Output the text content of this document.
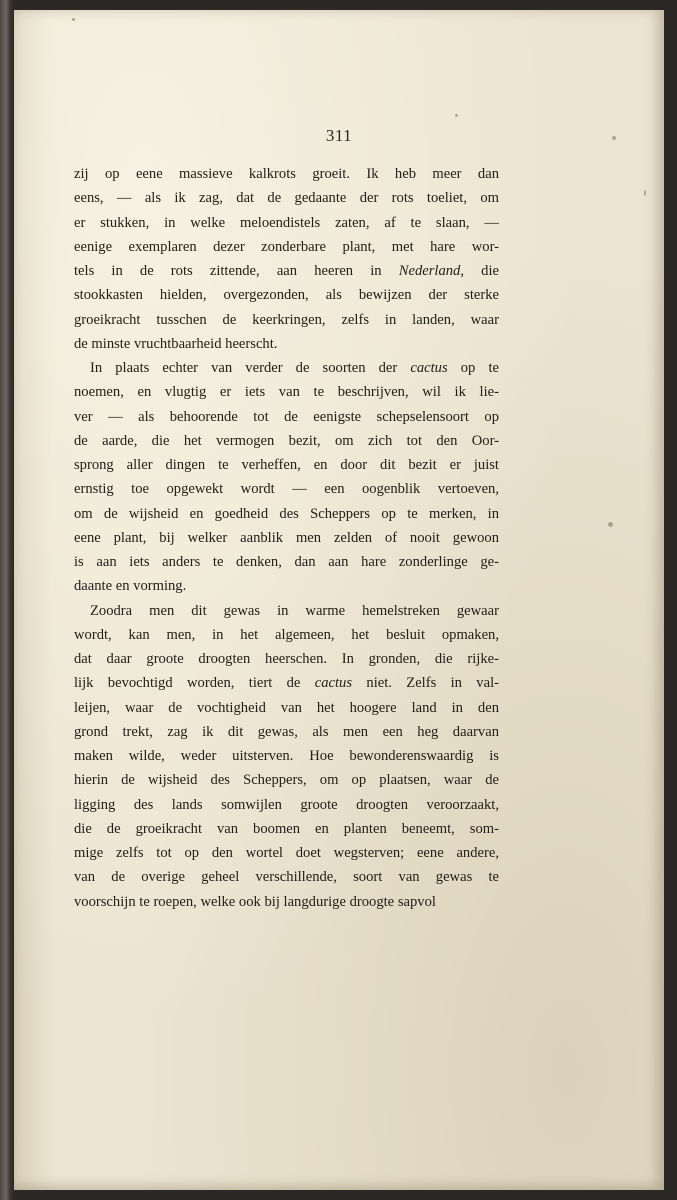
311
zij op eene massieve kalkrots groeit. Ik heb meer dan
eens, — als ik zag, dat de gedaante der rots toeliet, om
er stukken, in welke meloendistels zaten, af te slaan, —
eenige exemplaren dezer zonderbare plant, met hare wor-
tels in de rots zittende, aan heeren in Nederland, die
stookkasten hielden, overgezonden, als bewijzen der sterke
groeikracht tusschen de keerkringen, zelfs in landen, waar
de minste vruchtbaarheid heerscht.
In plaats echter van verder de soorten der cactus op te
noemen, en vlugtig er iets van te beschrijven, wil ik lie-
ver — als behoorende tot de eenigste schepselensoort op
de aarde, die het vermogen bezit, om zich tot den Oor-
sprong aller dingen te verheffen, en door dit bezit er juist
ernstig toe opgewekt wordt — een oogenblik vertoeven,
om de wijsheid en goedheid des Scheppers op te merken, in
eene plant, bij welker aanblik men zelden of nooit gewoon
is aan iets anders te denken, dan aan hare zonderlinge ge-
daante en vorming.
Zoodra men dit gewas in warme hemelstreken gewaar
wordt, kan men, in het algemeen, het besluit opmaken,
dat daar groote droogten heerschen. In gronden, die rijke-
lijk bevochtigd worden, tiert de cactus niet. Zelfs in val-
leijen, waar de vochtigheid van het hoogere land in den
grond trekt, zag ik dit gewas, als men een heg daarvan
maken wilde, weder uitsterven. Hoe bewonderenswaardig is
hierin de wijsheid des Scheppers, om op plaatsen, waar de
ligging des lands somwijlen groote droogten veroorzaakt,
die de groeikracht van boomen en planten beneemt, som-
mige zelfs tot op den wortel doet wegsterven; eene andere,
van de overige geheel verschillende, soort van gewas te
voorschijn te roepen, welke ook bij langdurige droogte sapvol
